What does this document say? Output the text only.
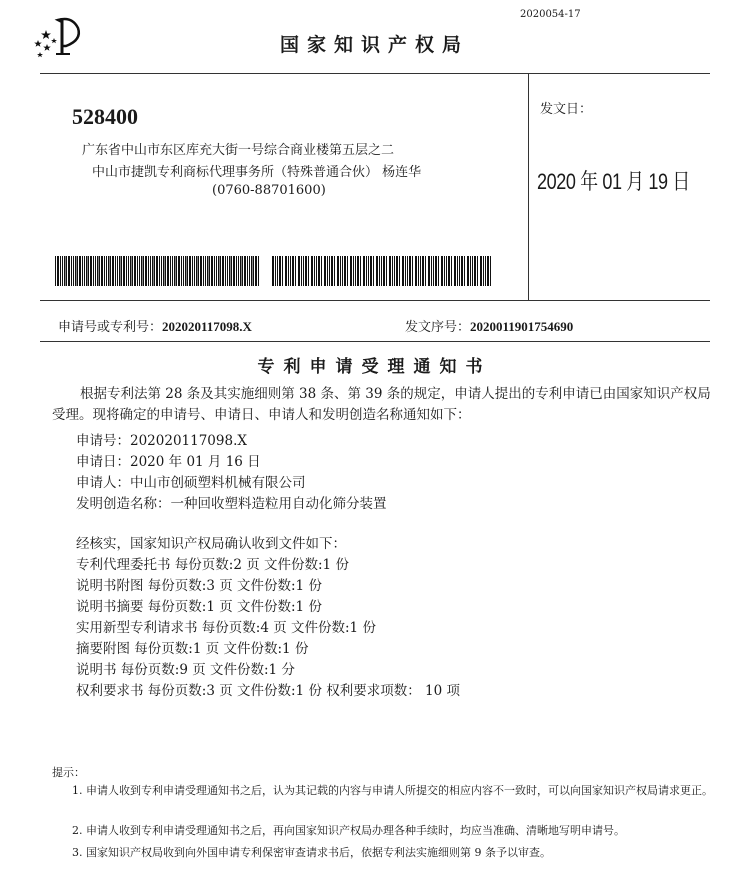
2020054-17
国家知识产权局
528400
广东省中山市东区库充大街一号综合商业楼第五层之二
中山市捷凯专利商标代理事务所（特殊普通合伙） 杨连华
(0760-88701600)
发文日：
2020 年 01 月 19 日
申请号或专利号：202020117098.X	发文序号：2020011901754690
专利申请受理通知书
根据专利法第 28 条及其实施细则第 38 条、第 39 条的规定，申请人提出的专利申请已由国家知识产权局受理。现将确定的申请号、申请日、申请人和发明创造名称通知如下：
申请号：202020117098.X
申请日：2020 年 01 月 16 日
申请人：中山市创硕塑料机械有限公司
发明创造名称：一种回收塑料造粒用自动化筛分装置
经核实，国家知识产权局确认收到文件如下：
专利代理委托书 每份页数:2 页 文件份数:1 份
说明书附图 每份页数:3 页 文件份数:1 份
说明书摘要 每份页数:1 页 文件份数:1 份
实用新型专利请求书 每份页数:4 页 文件份数:1 份
摘要附图 每份页数:1 页 文件份数:1 份
说明书 每份页数:9 页 文件份数:1 分
权利要求书 每份页数:3 页 文件份数:1 份 权利要求项数： 10 项
提示：
1. 申请人收到专利申请受理通知书之后，认为其记载的内容与申请人所提交的相应内容不一致时，可以向国家知识产权局请求更正。
2. 申请人收到专利申请受理通知书之后，再向国家知识产权局办理各种手续时，均应当准确、清晰地写明申请号。
3. 国家知识产权局收到向外国申请专利保密审查请求书后，依据专利法实施细则第 9 条予以审查。
